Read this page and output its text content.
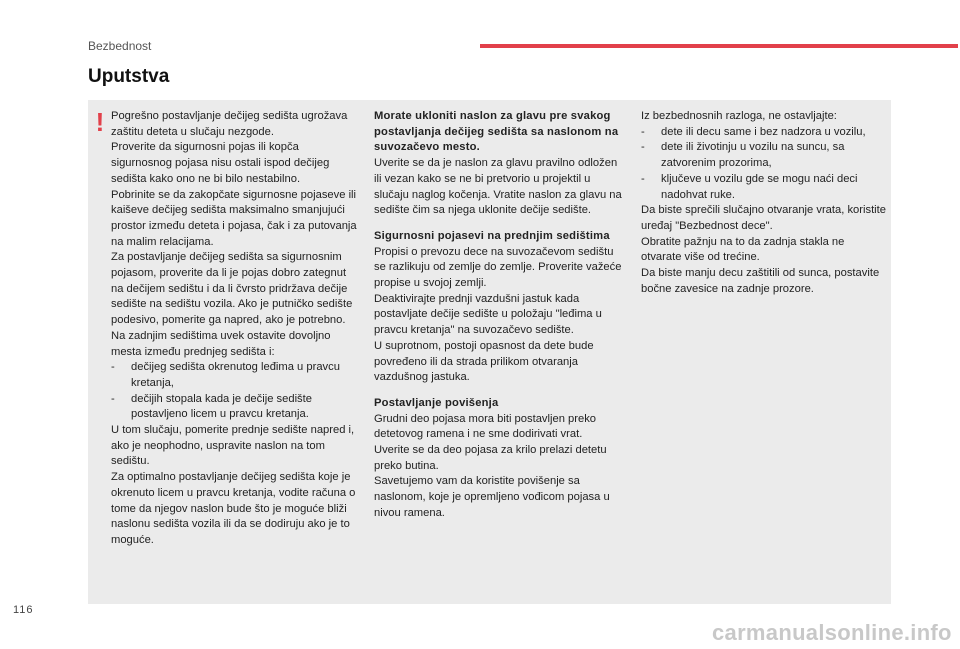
Bezbednost
Uputstva
! Pogrešno postavljanje dečijeg sedišta ugrožava zaštitu deteta u slučaju nezgode.

Proverite da sigurnosni pojas ili kopča sigurnosnog pojasa nisu ostali ispod dečijeg sedišta kako ono ne bi bilo nestabilno.

Pobrinite se da zakopčate sigurnosne pojaseve ili kaiševe dečijeg sedišta maksimalno smanjujući prostor između deteta i pojasa, čak i za putovanja na malim relacijama.

Za postavljanje dečijeg sedišta sa sigurnosnim pojasom, proverite da li je pojas dobro zategnut na dečijem sedištu i da li čvrsto pridržava dečije sedište na sedištu vozila. Ako je putničko sedište podesivo, pomerite ga napred, ako je potrebno.

Na zadnjim sedištima uvek ostavite dovoljno mesta između prednjeg sedišta i:

-	dečijeg sedišta okrenutog leđima u pravcu kretanja,
-	dečijih stopala kada je dečije sedište postavljeno licem u pravcu kretanja.

U tom slučaju, pomerite prednje sedište napred i, ako je neophodno, uspravite naslon na tom sedištu.

Za optimalno postavljanje dečijeg sedišta koje je okrenuto licem u pravcu kretanja, vodite računa o tome da njegov naslon bude što je moguće bliži naslonu sedišta vozila ili da se dodiruju ako je to moguće.

Morate ukloniti naslon za glavu pre svakog postavljanja dečijeg sedišta sa naslonom na suvozačevo mesto.

Uverite se da je naslon za glavu pravilno odložen ili vezan kako se ne bi pretvorio u projektil u slučaju naglog kočenja. Vratite naslon za glavu na sedište čim sa njega uklonite dečije sedište.

Sigurnosni pojasevi na prednjim sedištima

Propisi o prevozu dece na suvozačevom sedištu se razlikuju od zemlje do zemlje. Proverite važeće propise u svojoj zemlji.

Deaktivirajte prednji vazdušni jastuk kada postavljate dečije sedište u položaju "leđima u pravcu kretanja" na suvozačevo sedište.

U suprotnom, postoji opasnost da dete bude povređeno ili da strada prilikom otvaranja vazdušnog jastuka.

Postavljanje povišenja

Grudni deo pojasa mora biti postavljen preko detetovog ramena i ne sme dodirivati vrat.

Uverite se da deo pojasa za krilo prelazi detetu preko butina.

Savetujemo vam da koristite povišenje sa naslonom, koje je opremljeno vođicom pojasa u nivou ramena.

Iz bezbednosnih razloga, ne ostavljajte:

-	dete ili decu same i bez nadzora u vozilu,
-	dete ili životinju u vozilu na suncu, sa zatvorenim prozorima,
-	ključeve u vozilu gde se mogu naći deci nadohvat ruke.

Da biste sprečili slučajno otvaranje vrata, koristite uređaj "Bezbednost dece".

Obratite pažnju na to da zadnja stakla ne otvarate više od trećine.

Da biste manju decu zaštitili od sunca, postavite bočne zavesice na zadnje prozore.

116
carmanualsonline.info
